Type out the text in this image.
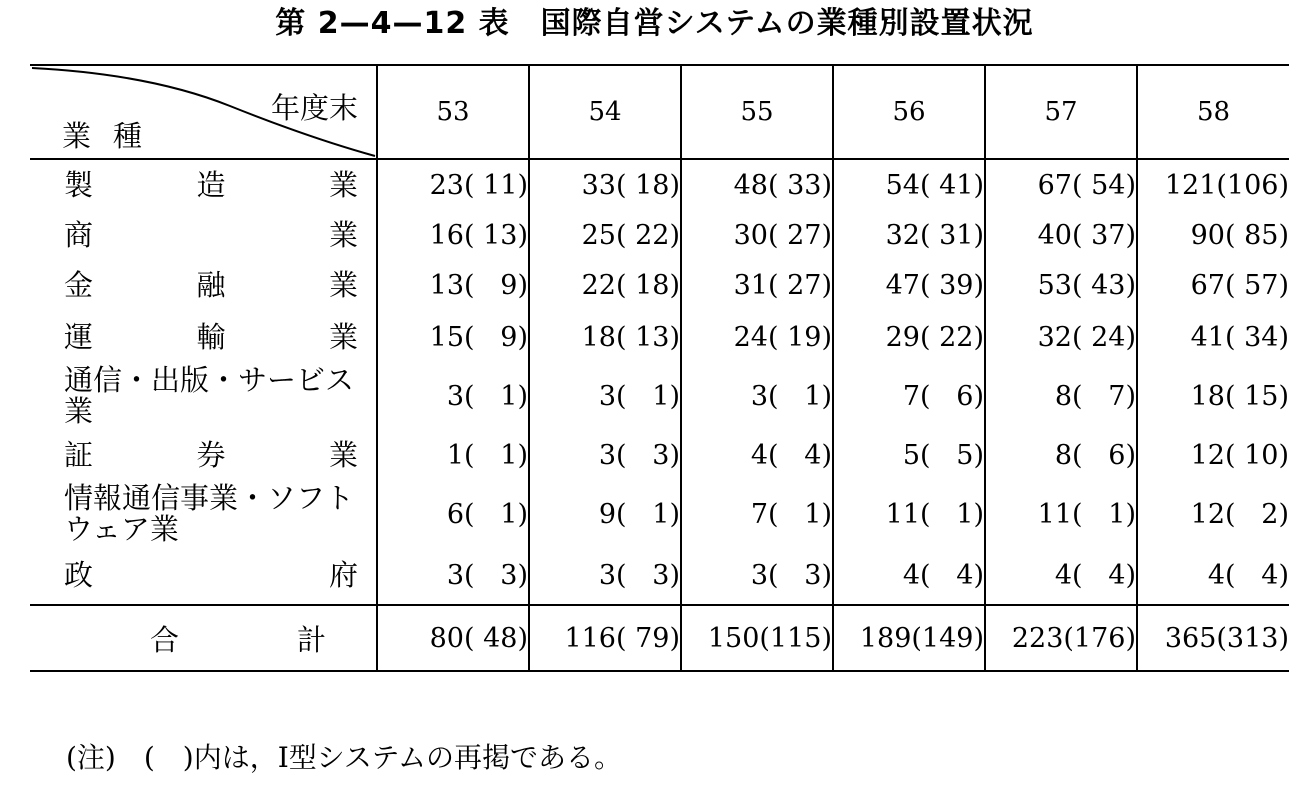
第 2—4—12 表　国際自営システムの業種別設置状況
年度末
業種	53	54	55	56	57	58

製 造 業	23( 11)	33( 18)	48( 33)	54( 41)	67( 54)	121(106)

商 業	16( 13)	25( 22)	30( 27)	32( 31)	40( 37)	90( 85)

金 融 業	13(   9)	22( 18)	31( 27)	47( 39)	53( 43)	67( 57)

運 輸 業	15(   9)	18( 13)	24( 19)	29( 22)	32( 24)	41( 34)

通信・出版・サービス業	3(   1)	3(   1)	3(   1)	7(   6)	8(   7)	18( 15)

証 券 業	1(   1)	3(   3)	4(   4)	5(   5)	8(   6)	12( 10)

情報通信事業・ソフトウェア業	6(   1)	9(   1)	7(   1)	11(   1)	11(   1)	12(   2)

政 府	3(   3)	3(   3)	3(   3)	4(   4)	4(   4)	4(   4)

合 計	80( 48)	116( 79)	150(115)	189(149)	223(176)	365(313)
(注)　(　)内は，Ⅰ型システムの再掲である。
